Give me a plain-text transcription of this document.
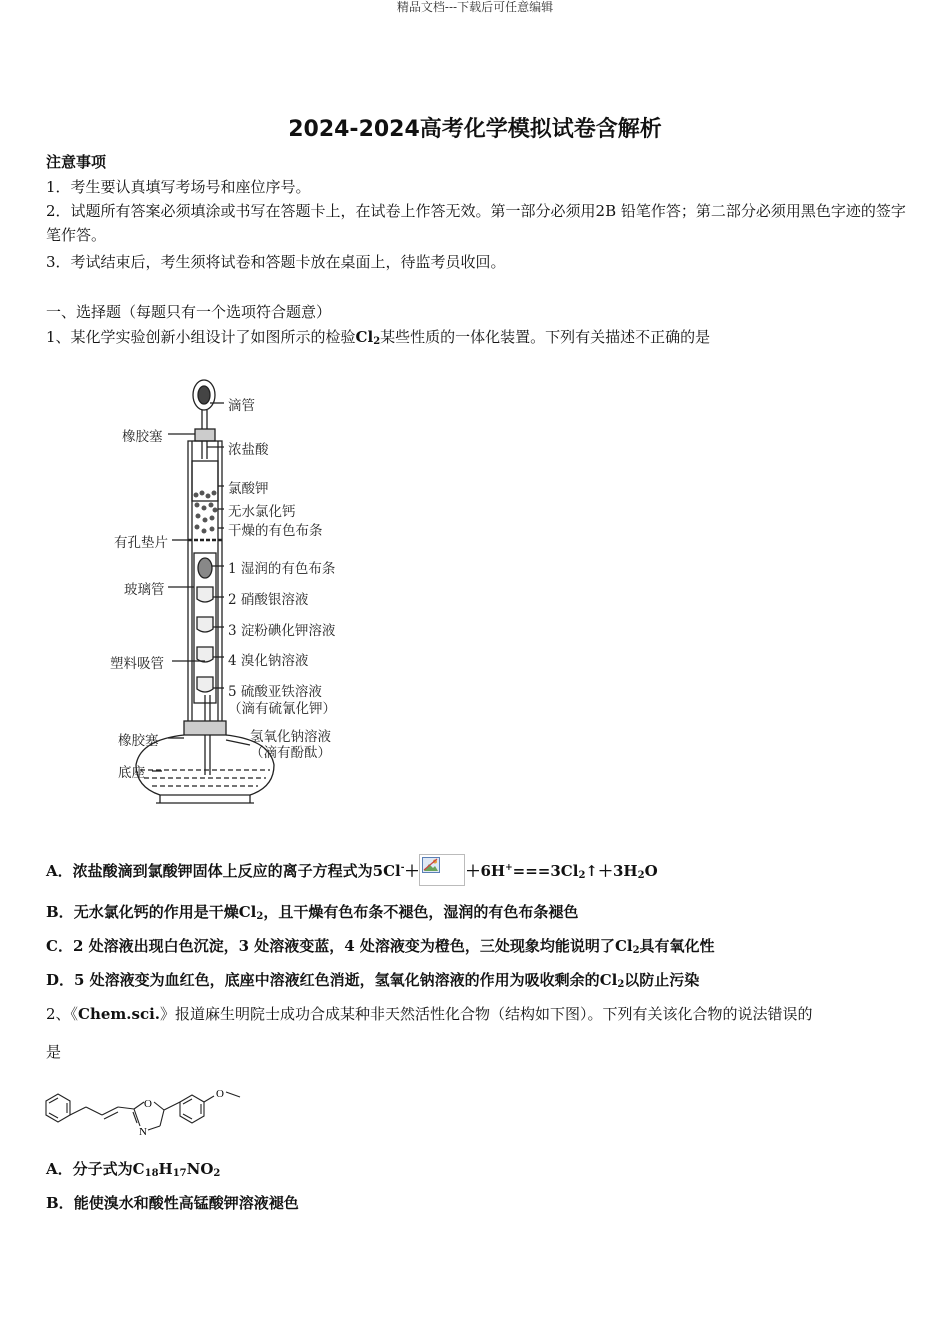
精品文档---下载后可任意编辑
2024-2024高考化学模拟试卷含解析
注意事项
1．考生要认真填写考场号和座位序号。
2．试题所有答案必须填涂或书写在答题卡上，在试卷上作答无效。第一部分必须用2B 铅笔作答；第二部分必须用黑色字迹的签字笔作答。
3．考试结束后，考生须将试卷和答题卡放在桌面上，待监考员收回。
一、选择题（每题只有一个选项符合题意）
1、某化学实验创新小组设计了如图所示的检验$Cl_2$某些性质的一体化装置。下列有关描述不正确的是
滴管
橡胶塞
浓盐酸
氯酸钾
无水氯化钙
干燥的有色布条
有孔垫片
1 湿润的有色布条
玻璃管
2 硝酸银溶液
3 淀粉碘化钾溶液
塑料吸管	4 溴化钠溶液
5 硫酸亚铁溶液
（滴有硫氰化钾）
橡胶塞	氢氧化钠溶液
（滴有酚酞）
底座
A．浓盐酸滴到氯酸钾固体上反应的离子方程式为5Cl-＋	$+6H^+===3Cl_2↑+3H_2O$
B．无水氯化钙的作用是干燥$Cl_2$，且干燥有色布条不褪色，湿润的有色布条褪色
C．2 处溶液出现白色沉淀，3 处溶液变蓝，4 处溶液变为橙色，三处现象均能说明了$Cl_2$具有氧化性
D．5 处溶液变为血红色，底座中溶液红色消逝，氢氧化钠溶液的作用为吸收剩余的$Cl_2$以防止污染
2、《Chem.sci.》报道麻生明院士成功合成某种非天然活性化合物（结构如下图）。下列有关该化合物的说法错误的
是
O
N
O
A．分子式为$C_{18}H_{17}NO_2$
B．能使溴水和酸性高锰酸钾溶液褪色
